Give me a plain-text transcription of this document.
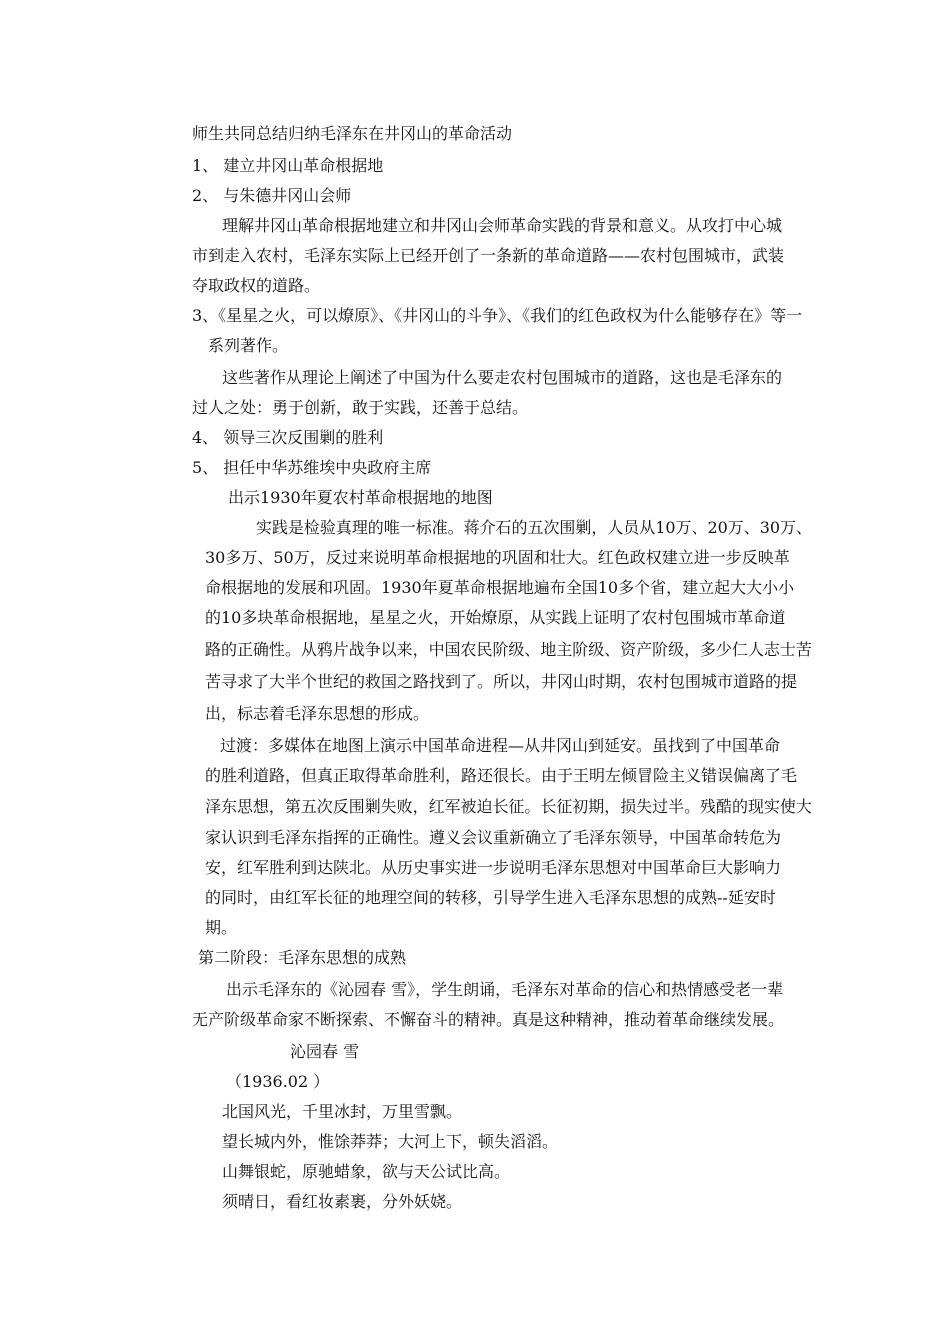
师生共同总结归纳毛泽东在井冈山的革命活动
1、 建立井冈山革命根据地
2、 与朱德井冈山会师
理解井冈山革命根据地建立和井冈山会师革命实践的背景和意义。从攻打中心城
市到走入农村，毛泽东实际上已经开创了一条新的革命道路——农村包围城市，武装
夺取政权的道路。
3、《星星之火，可以燎原》、《井冈山的斗争》、《我们的红色政权为什么能够存在》等一
系列著作。
这些著作从理论上阐述了中国为什么要走农村包围城市的道路，这也是毛泽东的
过人之处：勇于创新，敢于实践，还善于总结。
4、 领导三次反围剿的胜利
5、 担任中华苏维埃中央政府主席
出示1930年夏农村革命根据地的地图
实践是检验真理的唯一标准。蒋介石的五次围剿，人员从10万、20万、30万、
30多万、50万，反过来说明革命根据地的巩固和壮大。红色政权建立进一步反映革
命根据地的发展和巩固。1930年夏革命根据地遍布全国10多个省，建立起大大小小
的10多块革命根据地，星星之火，开始燎原，从实践上证明了农村包围城市革命道
路的正确性。从鸦片战争以来，中国农民阶级、地主阶级、资产阶级，多少仁人志士苦
苦寻求了大半个世纪的救国之路找到了。所以，井冈山时期，农村包围城市道路的提
出，标志着毛泽东思想的形成。
过渡：多媒体在地图上演示中国革命进程—从井冈山到延安。虽找到了中国革命
的胜利道路，但真正取得革命胜利，路还很长。由于王明左倾冒险主义错误偏离了毛
泽东思想，第五次反围剿失败，红军被迫长征。长征初期，损失过半。残酷的现实使大
家认识到毛泽东指挥的正确性。遵义会议重新确立了毛泽东领导，中国革命转危为
安，红军胜利到达陕北。从历史事实进一步说明毛泽东思想对中国革命巨大影响力
的同时，由红军长征的地理空间的转移，引导学生进入毛泽东思想的成熟--延安时
期。
第二阶段：毛泽东思想的成熟
出示毛泽东的《沁园春 雪》，学生朗诵，毛泽东对革命的信心和热情感受老一辈
无产阶级革命家不断探索、不懈奋斗的精神。真是这种精神，推动着革命继续发展。
沁园春 雪
（1936.02 ）
北国风光，千里冰封，万里雪飘。
望长城内外，惟馀莽莽；大河上下，顿失滔滔。
山舞银蛇，原驰蜡象，欲与天公试比高。
须晴日，看红妆素裹，分外妖娆。
